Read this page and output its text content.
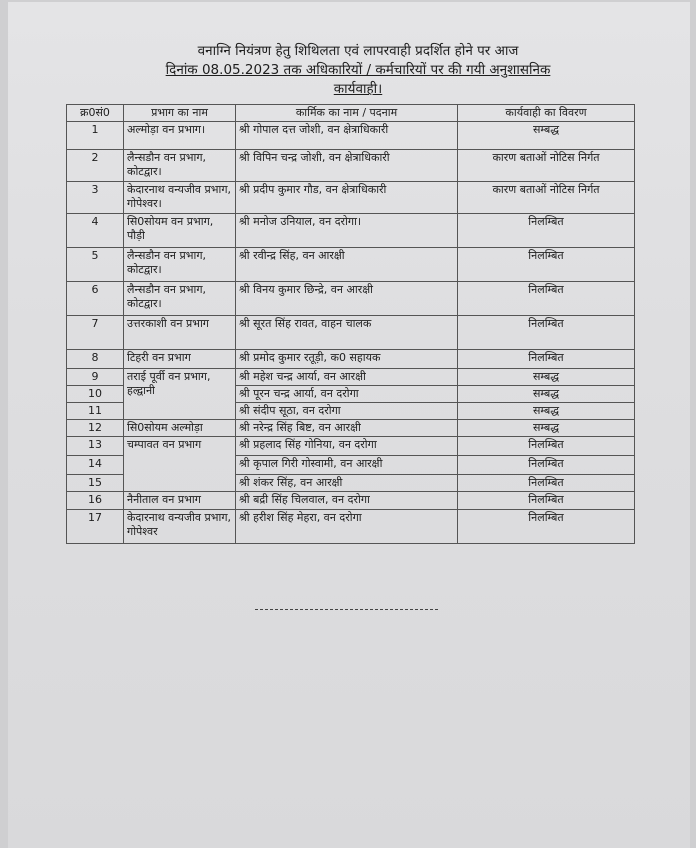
वनाग्नि नियंत्रण हेतु शिथिलता एवं लापरवाही प्रदर्शित होने पर आज
दिनांक 08.05.2023 तक अधिकारियों / कर्मचारियों पर की गयी अनुशासनिक
कार्यवाही।
क्र0सं0	प्रभाग का नाम	कार्मिक का नाम / पदनाम	कार्यवाही का विवरण
1	अल्मोड़ा वन प्रभाग।	श्री गोपाल दत्त जोशी, वन क्षेत्राधिकारी	सम्बद्ध
2	लैन्सडौन वन प्रभाग, कोटद्वार।	श्री विपिन चन्द्र जोशी, वन क्षेत्राधिकारी	कारण बताओं नोटिस निर्गत
3	केदारनाथ वन्यजीव प्रभाग, गोपेश्वर।	श्री प्रदीप कुमार गौड, वन क्षेत्राधिकारी	कारण बताओं नोटिस निर्गत
4	सि0सोयम वन प्रभाग, पौड़ी	श्री मनोज उनियाल, वन दरोगा।	निलम्बित
5	लैन्सडौन वन प्रभाग, कोटद्वार।	श्री रवीन्द्र सिंह, वन आरक्षी	निलम्बित
6	लैन्सडौन वन प्रभाग, कोटद्वार।	श्री विनय कुमार छिन्द्रे, वन आरक्षी	निलम्बित
7	उत्तरकाशी वन प्रभाग	श्री सूरत सिंह रावत, वाहन चालक	निलम्बित
8	टिहरी वन प्रभाग	श्री प्रमोद कुमार रतूड़ी, क0 सहायक	निलम्बित
9	तराई पूर्वी वन प्रभाग, हल्द्वानी	श्री महेश चन्द्र आर्या, वन आरक्षी	सम्बद्ध
10		श्री पूरन चन्द्र आर्या, वन दरोगा	सम्बद्ध
11		श्री संदीप सूठा, वन दरोगा	सम्बद्ध
12	सि0सोयम अल्मोड़ा	श्री नरेन्द्र सिंह बिष्ट, वन आरक्षी	सम्बद्ध
13	चम्पावत वन प्रभाग	श्री प्रहलाद सिंह गोनिया, वन दरोगा	निलम्बित
14		श्री कृपाल गिरी गोस्वामी, वन आरक्षी	निलम्बित
15		श्री शंकर सिंह, वन आरक्षी	निलम्बित
16	नैनीताल वन प्रभाग	श्री बद्री सिंह चिलवाल, वन दरोगा	निलम्बित
17	केदारनाथ वन्यजीव प्रभाग, गोपेश्वर	श्री हरीश सिंह मेहरा, वन दरोगा	निलम्बित
